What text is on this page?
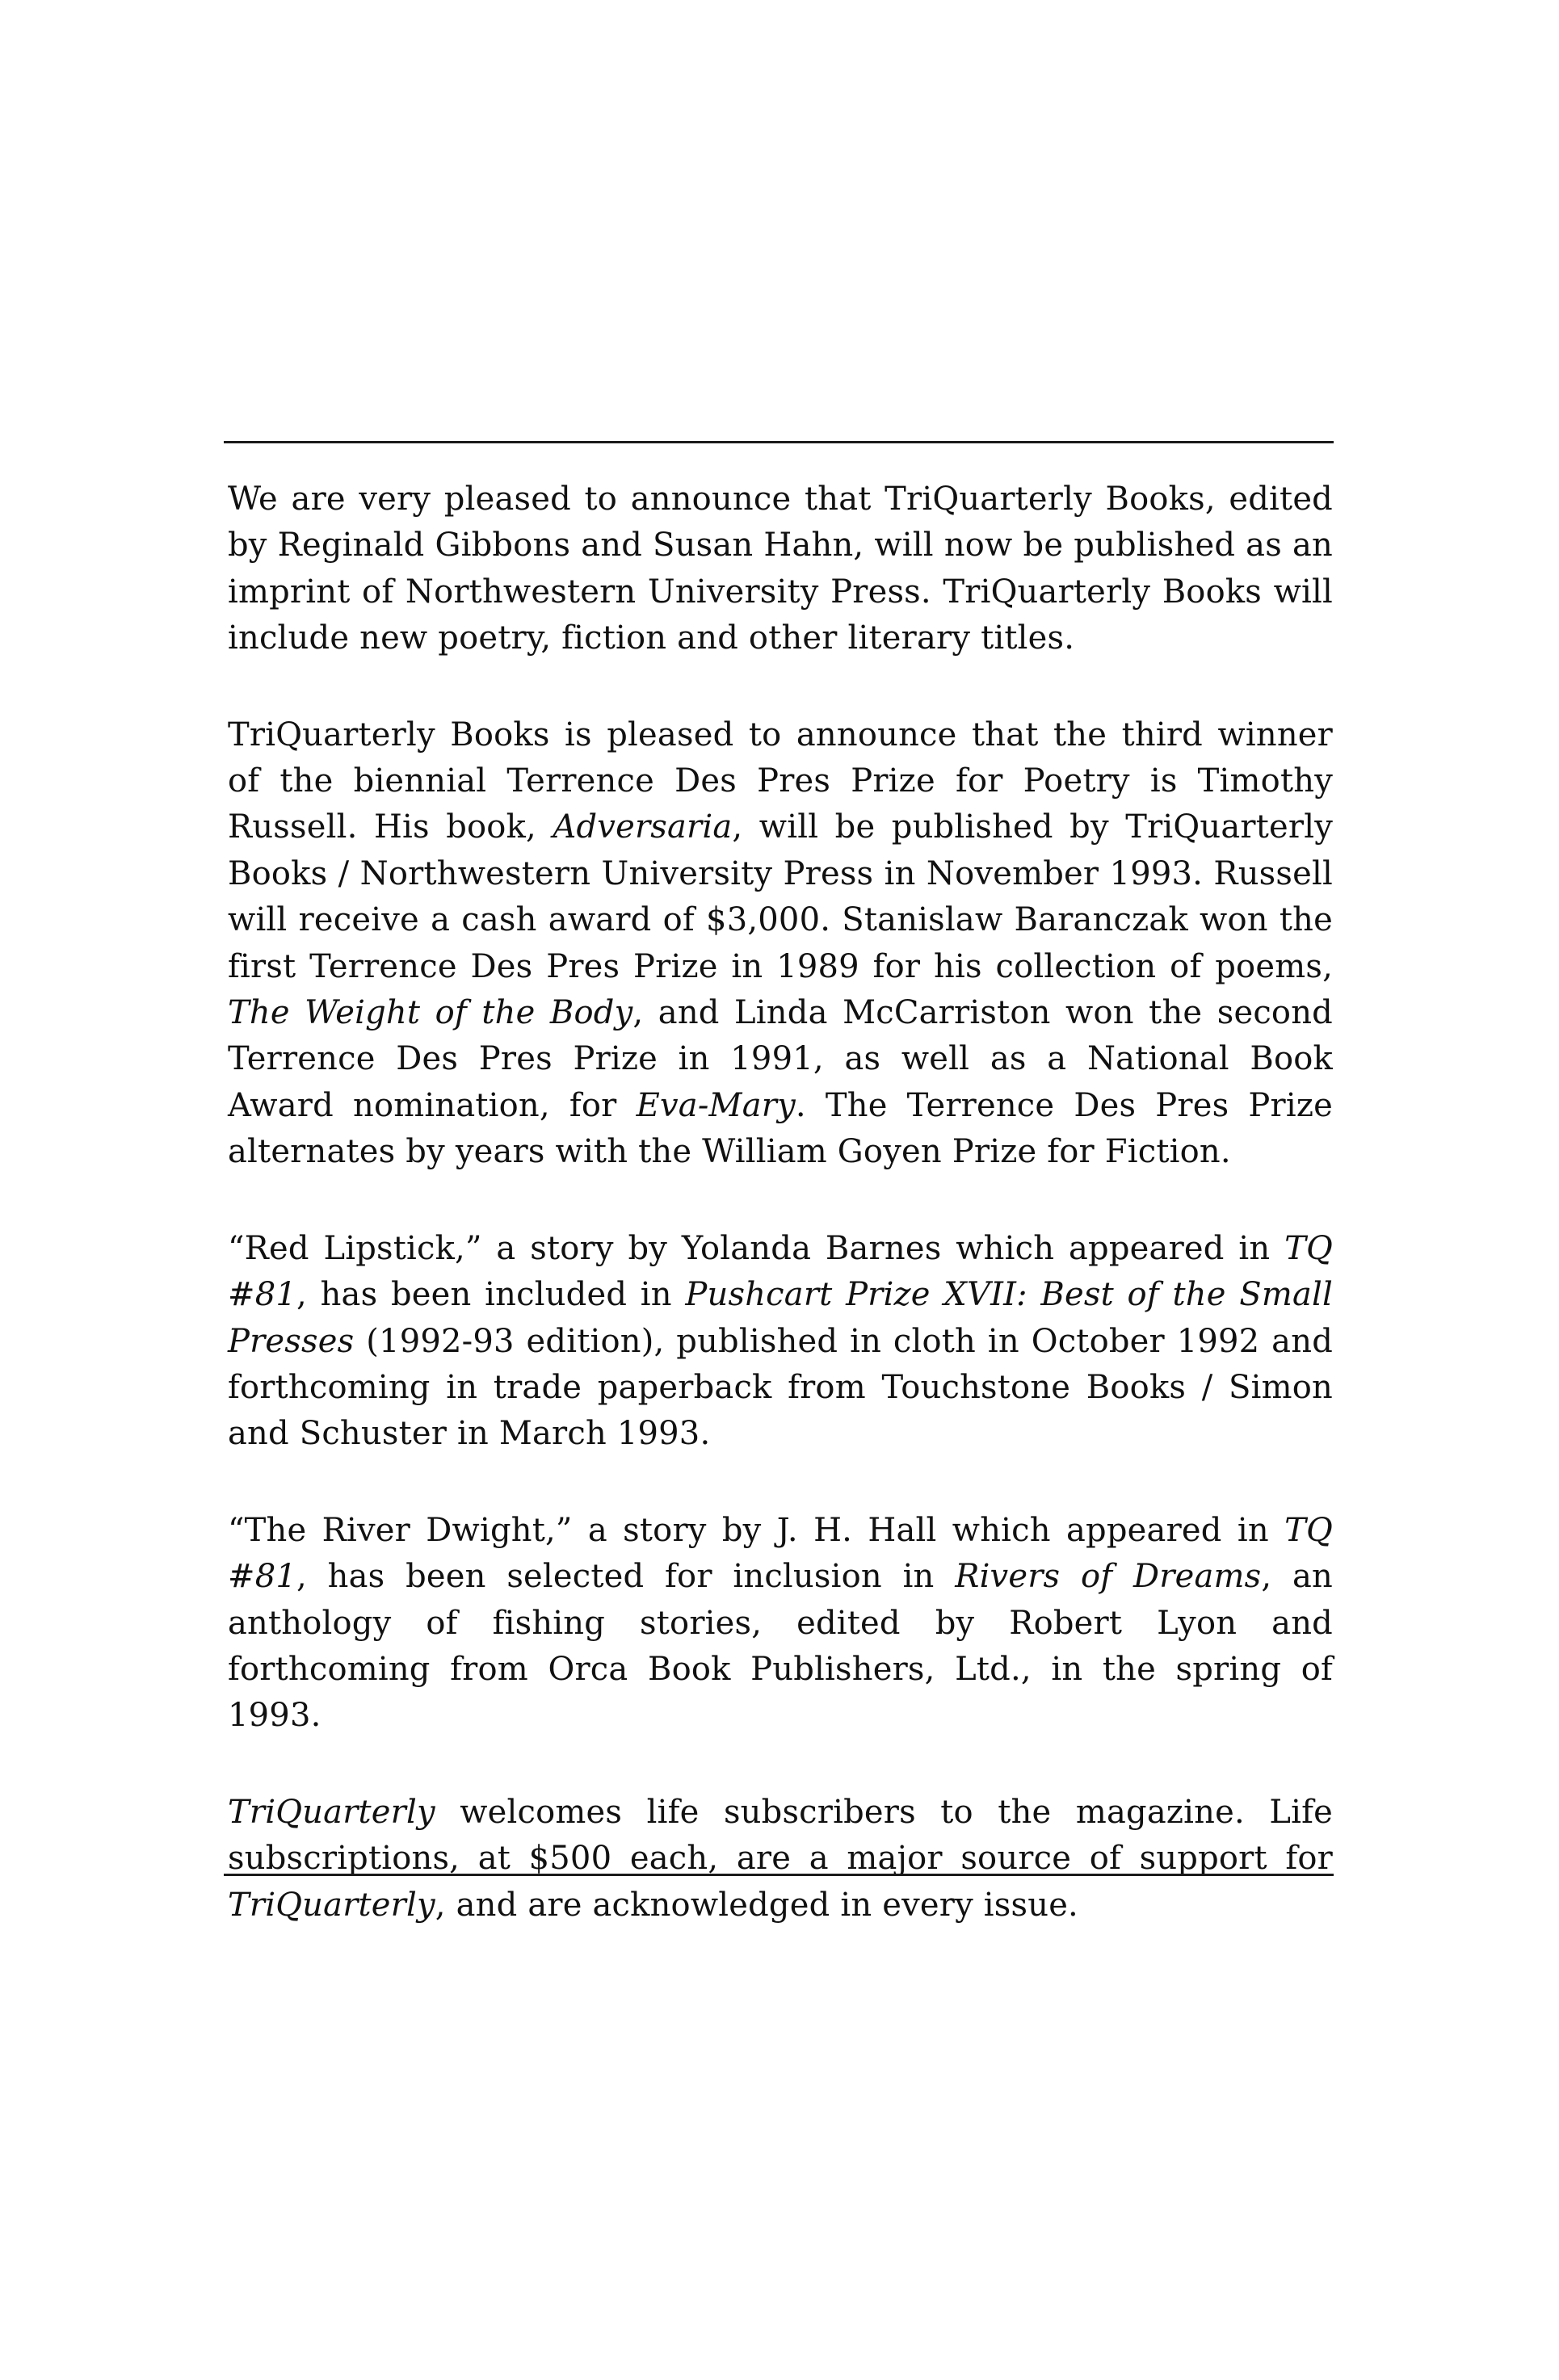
We are very pleased to announce that TriQuarterly Books, edited by Reginald Gibbons and Susan Hahn, will now be published as an imprint of Northwestern University Press. TriQuarterly Books will include new poetry, fiction and other literary titles.

TriQuarterly Books is pleased to announce that the third winner of the biennial Terrence Des Pres Prize for Poetry is Timothy Russell. His book, Adversaria, will be published by TriQuarterly Books / Northwestern University Press in November 1993. Russell will receive a cash award of $3,000. Stanislaw Baranczak won the first Terrence Des Pres Prize in 1989 for his collection of poems, The Weight of the Body, and Linda McCarriston won the second Terrence Des Pres Prize in 1991, as well as a National Book Award nomination, for Eva-Mary. The Terrence Des Pres Prize alternates by years with the William Goyen Prize for Fiction.

“Red Lipstick,” a story by Yolanda Barnes which appeared in TQ #81, has been included in Pushcart Prize XVII: Best of the Small Presses (1992-93 edition), published in cloth in October 1992 and forthcoming in trade paperback from Touchstone Books / Simon and Schuster in March 1993.

“The River Dwight,” a story by J. H. Hall which appeared in TQ #81, has been selected for inclusion in Rivers of Dreams, an anthology of fishing stories, edited by Robert Lyon and forthcoming from Orca Book Publishers, Ltd., in the spring of 1993.

TriQuarterly welcomes life subscribers to the magazine. Life subscriptions, at $500 each, are a major source of support for TriQuarterly, and are acknowledged in every issue.
